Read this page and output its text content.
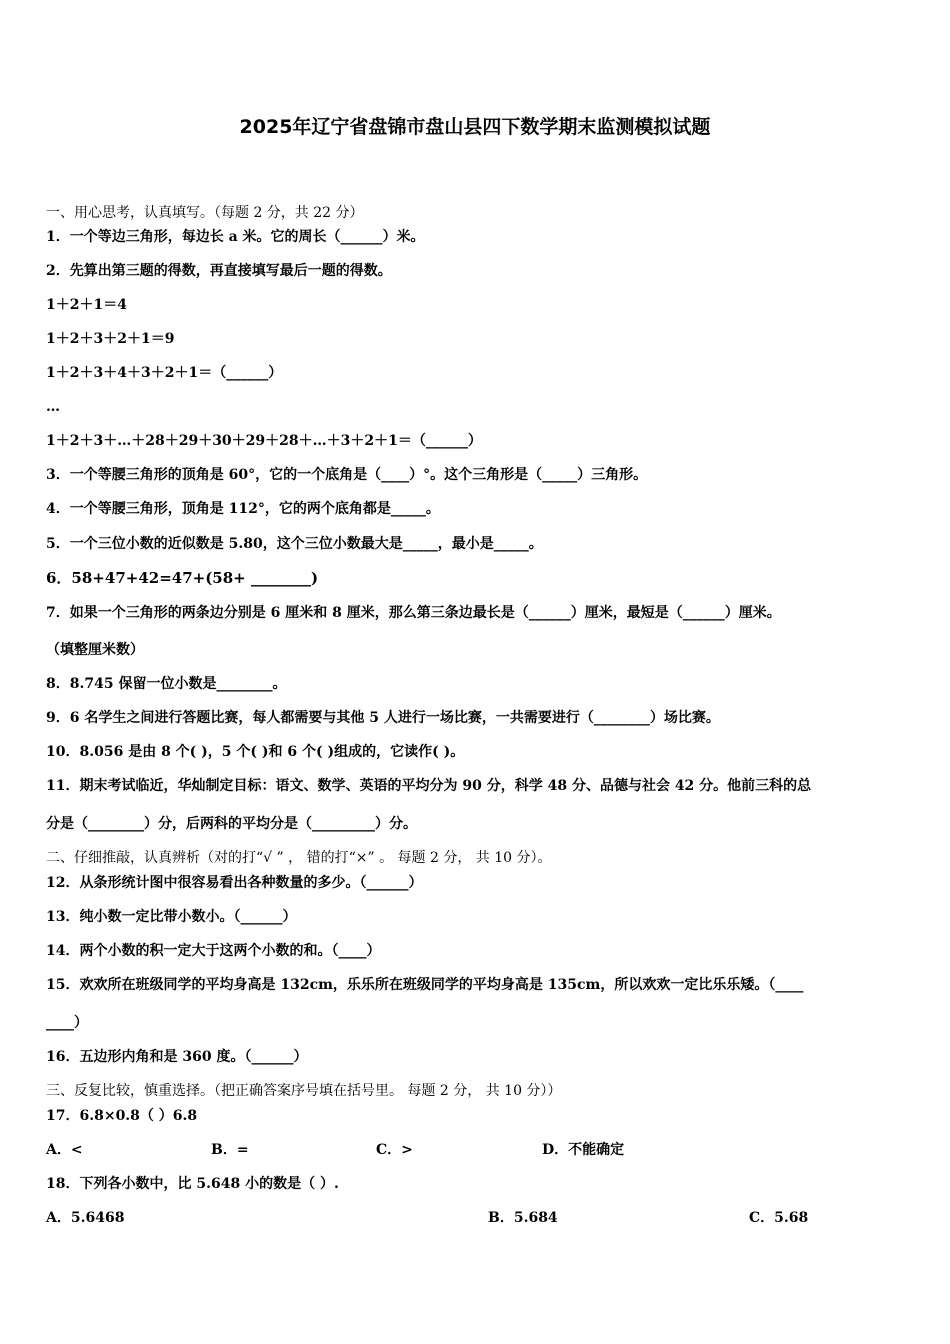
2025年辽宁省盘锦市盘山县四下数学期末监测模拟试题
一、用心思考，认真填写。（每题 2 分，共 22 分）
1．一个等边三角形，每边长 a 米。它的周长（______）米。
2．先算出第三题的得数，再直接填写最后一题的得数。
1＋2＋1＝4
1＋2＋3＋2＋1＝9
1＋2＋3＋4＋3＋2＋1＝（______）
…
1＋2＋3＋…＋28＋29＋30＋29＋28＋…＋3＋2＋1＝（______）
3．一个等腰三角形的顶角是 60°，它的一个底角是（____）°。这个三角形是（_____）三角形。
4．一个等腰三角形，顶角是 112°，它的两个底角都是_____。
5．一个三位小数的近似数是 5.80，这个三位小数最大是_____，最小是_____。
6．58+47+42=47+(58+ ________)
7．如果一个三角形的两条边分别是 6 厘米和 8 厘米，那么第三条边最长是（______）厘米，最短是（______）厘米。
（填整厘米数）
8．8.745 保留一位小数是________。
9．6 名学生之间进行答题比赛，每人都需要与其他 5 人进行一场比赛，一共需要进行（________）场比赛。
10．8.056 是由 8 个( )，5 个( )和 6 个( )组成的，它读作( )。
11．期末考试临近，华灿制定目标：语文、数学、英语的平均分为 90 分，科学 48 分、品德与社会 42 分。他前三科的总
分是（________）分，后两科的平均分是（_________）分。
二、仔细推敲，认真辨析（对的打“√ ” ， 错的打“×” 。 每题 2 分， 共 10 分）。
12．从条形统计图中很容易看出各种数量的多少。（______）
13．纯小数一定比带小数小。（______）
14．两个小数的积一定大于这两个小数的和。（____）
15．欢欢所在班级同学的平均身高是 132cm，乐乐所在班级同学的平均身高是 135cm，所以欢欢一定比乐乐矮。（____
____）
16．五边形内角和是 360 度。（______）
三、反复比较，慎重选择。（把正确答案序号填在括号里。 每题 2 分， 共 10 分））
17．6.8×0.8（ ）6.8
A．<	B．=	C．>	D．不能确定
18．下列各小数中，比 5.648 小的数是（ ）.
A．5.6468	B．5.684	C．5.68
